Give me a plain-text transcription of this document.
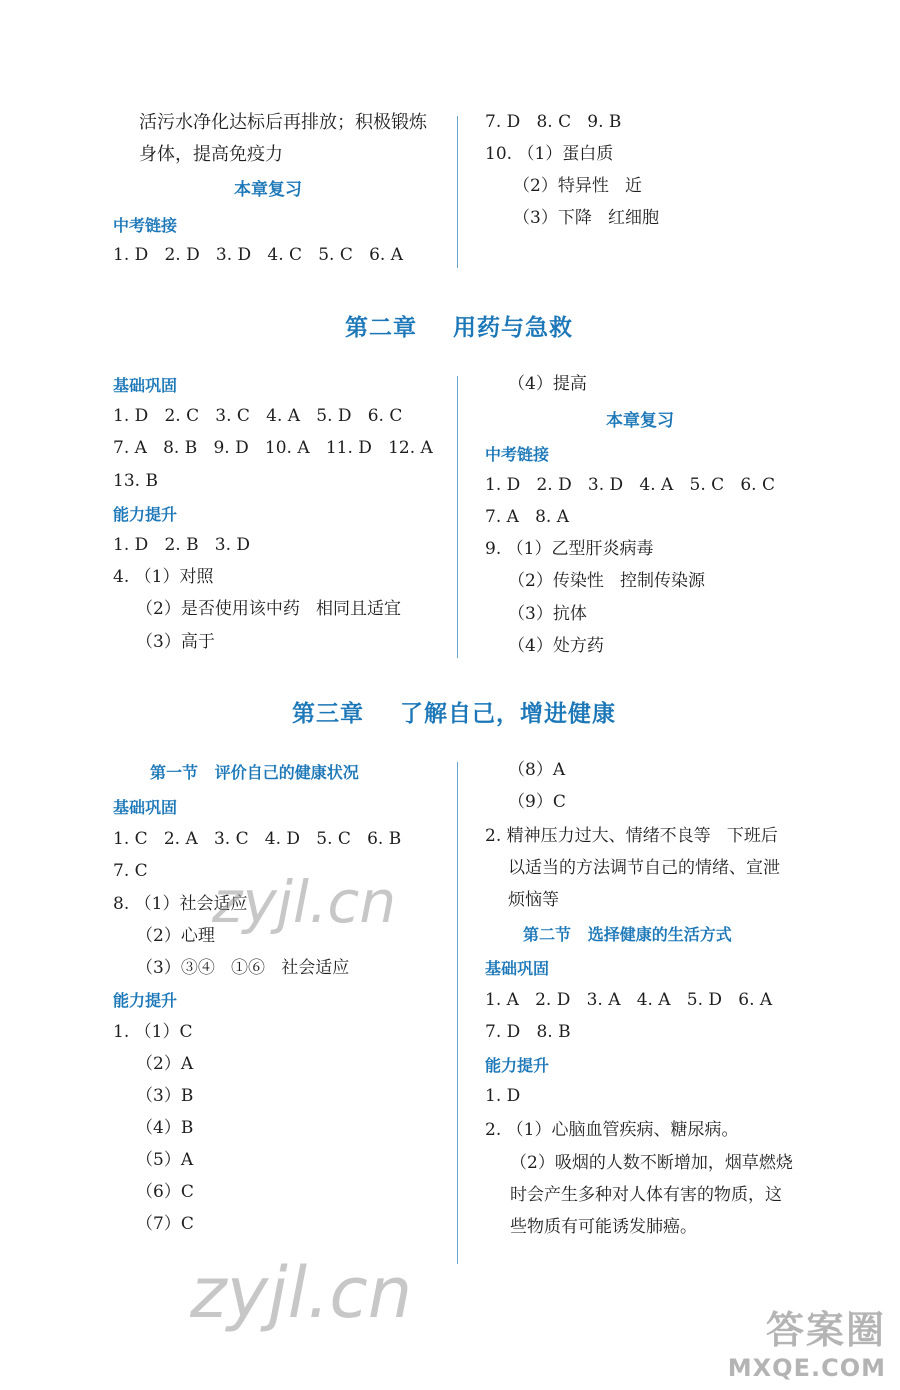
活污水净化达标后再排放；积极锻炼
身体，提高免疫力
本章复习
中考链接
1. D   2. D   3. D   4. C   5. C   6. A
7. D   8. C   9. B
10. （1）蛋白质
（2）特异性   近
（3）下降   红细胞
第二章    用药与急救
基础巩固
1. D   2. C   3. C   4. A   5. D   6. C
7. A   8. B   9. D   10. A   11. D   12. A
13. B
能力提升
1. D   2. B   3. D
4. （1）对照
（2）是否使用该中药   相同且适宜
（3）高于
（4）提高
本章复习
中考链接
1. D   2. D   3. D   4. A   5. C   6. C
7. A   8. A
9. （1）乙型肝炎病毒
（2）传染性   控制传染源
（3）抗体
（4）处方药
第三章    了解自己，增进健康
第一节   评价自己的健康状况
基础巩固
1. C   2. A   3. C   4. D   5. C   6. B
7. C
8. （1）社会适应
（2）心理
（3）③④   ①⑥   社会适应
能力提升
1. （1）C
（2）A
（3）B
（4）B
（5）A
（6）C
（7）C
（8）A
（9）C
2. 精神压力过大、情绪不良等   下班后
以适当的方法调节自己的情绪、宣泄
烦恼等
第二节   选择健康的生活方式
基础巩固
1. A   2. D   3. A   4. A   5. D   6. A
7. D   8. B
能力提升
1. D
2. （1）心脑血管疾病、糖尿病。
（2）吸烟的人数不断增加，烟草燃烧
时会产生多种对人体有害的物质，这
些物质有可能诱发肺癌。
zyjl.cn
zyjl.cn	答案圈
MXQE.COM
